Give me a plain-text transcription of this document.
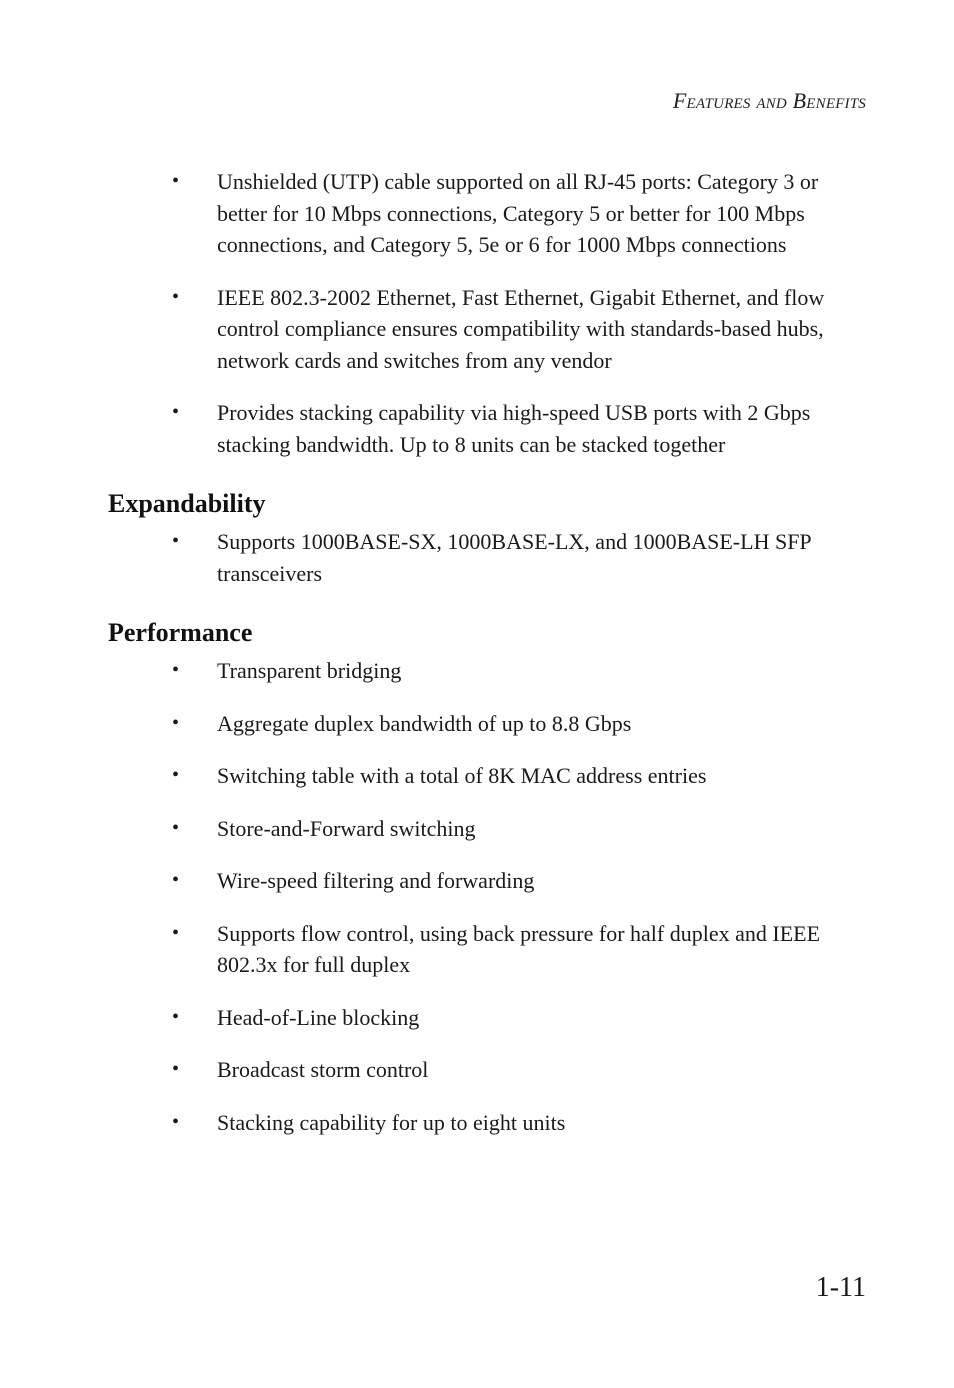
Features and Benefits
• Unshielded (UTP) cable supported on all RJ-45 ports: Category 3 or better for 10 Mbps connections, Category 5 or better for 100 Mbps connections, and Category 5, 5e or 6 for 1000 Mbps connections
• IEEE 802.3-2002 Ethernet, Fast Ethernet, Gigabit Ethernet, and flow control compliance ensures compatibility with standards-based hubs, network cards and switches from any vendor
• Provides stacking capability via high-speed USB ports with 2 Gbps stacking bandwidth. Up to 8 units can be stacked together
Expandability
• Supports 1000BASE-SX, 1000BASE-LX, and 1000BASE-LH SFP transceivers
Performance
• Transparent bridging
• Aggregate duplex bandwidth of up to 8.8 Gbps
• Switching table with a total of 8K MAC address entries
• Store-and-Forward switching
• Wire-speed filtering and forwarding
• Supports flow control, using back pressure for half duplex and IEEE 802.3x for full duplex
• Head-of-Line blocking
• Broadcast storm control
• Stacking capability for up to eight units
1-11
